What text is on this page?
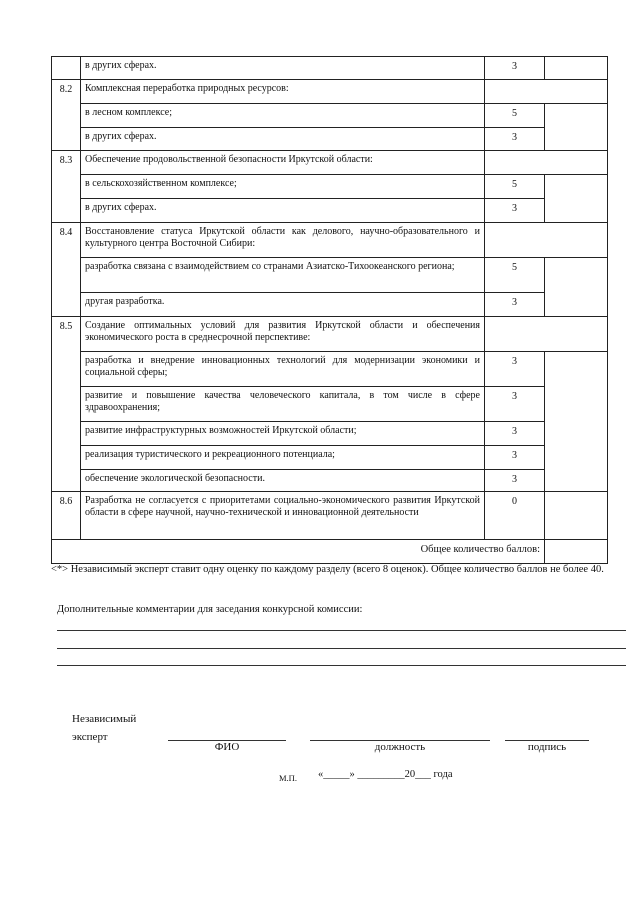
	в других сферах.	3	
8.2	Комплексная переработка природных ресурсов:		
	в лесном комплексе;	5	
	в других сферах.	3	
8.3	Обеспечение продовольственной безопасности Иркутской области:		
	в сельскохозяйственном комплексе;	5	
	в других сферах.	3	
8.4	Восстановление статуса Иркутской области как делового, научно-образовательного и культурного центра Восточной Сибири:		
	разработка связана с взаимодействием со странами Азиатско-Тихоокеанского региона;	5	
	другая разработка.	3	
8.5	Создание оптимальных условий для развития Иркутской области и обеспечения экономического роста в среднесрочной перспективе:		
	разработка и внедрение инновационных технологий для модернизации экономики и социальной сферы;	3	
	развитие и повышение качества человеческого капитала, в том числе в сфере здравоохранения;	3	
	развитие инфраструктурных возможностей Иркутской области;	3	
	реализация туристического и рекреационного потенциала;	3	
	обеспечение экологической безопасности.	3	
8.6	Разработка не согласуется с приоритетами социально-экономического развития Иркутской области в сфере научной, научно-технической и инновационной деятельности	0	
Общее количество баллов:			
<*> Независимый эксперт ставит одну оценку по каждому разделу (всего 8 оценок). Общее количество баллов не более 40.
Дополнительные комментарии для заседания конкурсной комиссии:
Независимый
эксперт
ФИО	должность	подпись
М.П. «_____» _________20___ года
